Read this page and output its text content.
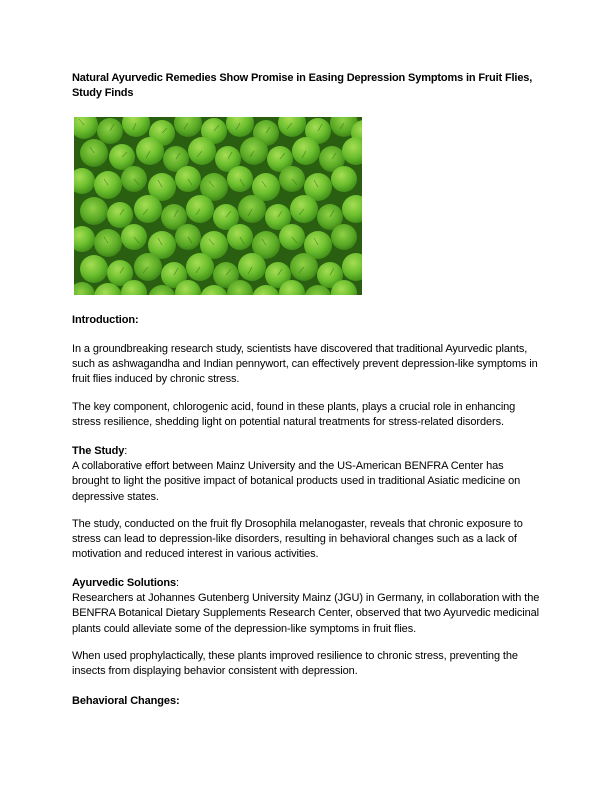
Natural Ayurvedic Remedies Show Promise in Easing Depression Symptoms in Fruit Flies, Study Finds
Introduction:
In a groundbreaking research study, scientists have discovered that traditional Ayurvedic plants, such as ashwagandha and Indian pennywort, can effectively prevent depression-like symptoms in fruit flies induced by chronic stress.
The key component, chlorogenic acid, found in these plants, plays a crucial role in enhancing stress resilience, shedding light on potential natural treatments for stress-related disorders.
The Study:
A collaborative effort between Mainz University and the US-American BENFRA Center has brought to light the positive impact of botanical products used in traditional Asiatic medicine on depressive states.
The study, conducted on the fruit fly Drosophila melanogaster, reveals that chronic exposure to stress can lead to depression-like disorders, resulting in behavioral changes such as a lack of motivation and reduced interest in various activities.
Ayurvedic Solutions:
Researchers at Johannes Gutenberg University Mainz (JGU) in Germany, in collaboration with the BENFRA Botanical Dietary Supplements Research Center, observed that two Ayurvedic medicinal plants could alleviate some of the depression-like symptoms in fruit flies.
When used prophylactically, these plants improved resilience to chronic stress, preventing the insects from displaying behavior consistent with depression.
Behavioral Changes:
